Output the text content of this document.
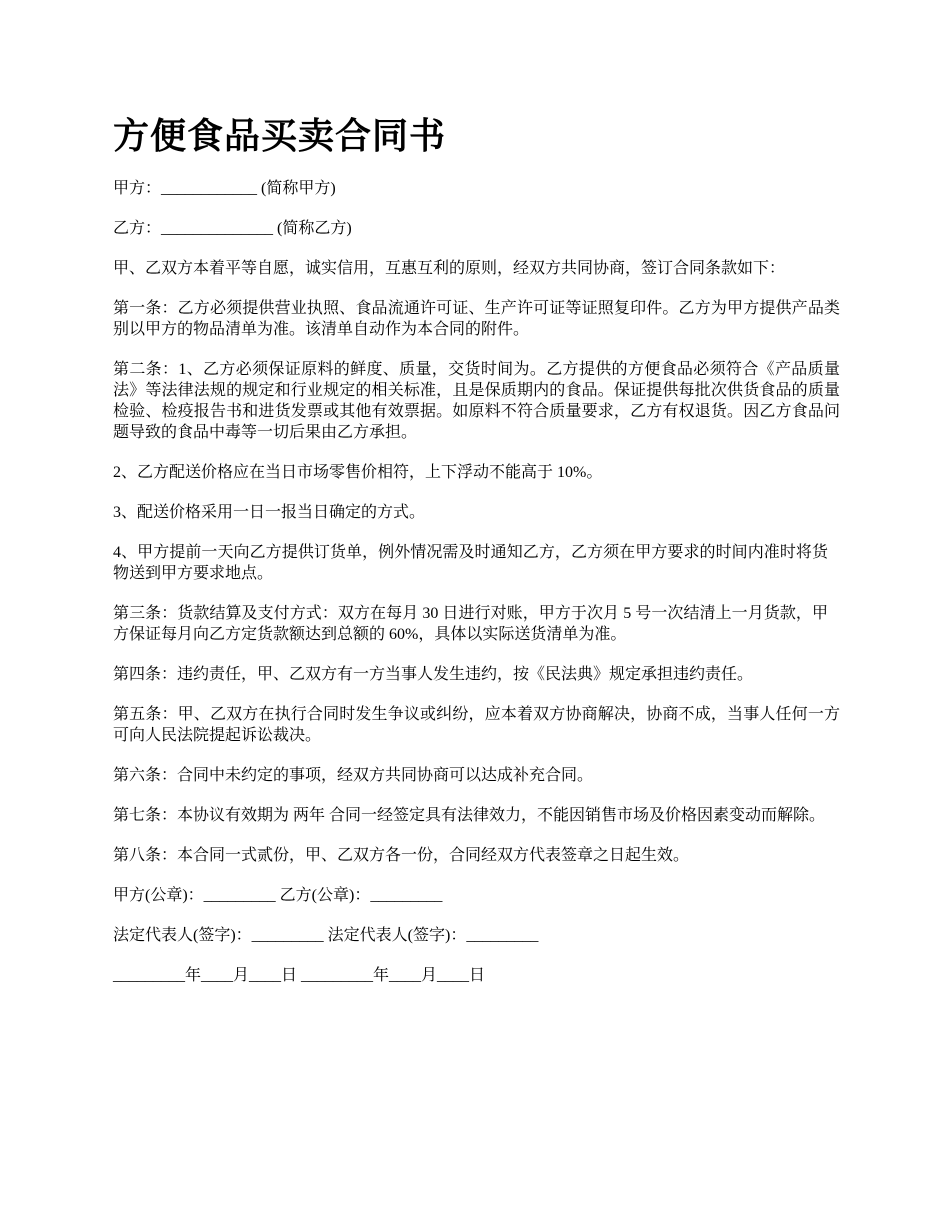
方便食品买卖合同书

甲方：____________ (简称甲方)

乙方：______________ (简称乙方)

甲、乙双方本着平等自愿，诚实信用，互惠互利的原则，经双方共同协商，签订合同条款如下：

第一条：乙方必须提供营业执照、食品流通许可证、生产许可证等证照复印件。乙方为甲方提供产品类别以甲方的物品清单为准。该清单自动作为本合同的附件。

第二条：1、乙方必须保证原料的鲜度、质量，交货时间为。乙方提供的方便食品必须符合《产品质量法》等法律法规的规定和行业规定的相关标准，且是保质期内的食品。保证提供每批次供货食品的质量检验、检疫报告书和进货发票或其他有效票据。如原料不符合质量要求，乙方有权退货。因乙方食品问题导致的食品中毒等一切后果由乙方承担。

2、乙方配送价格应在当日市场零售价相符，上下浮动不能高于 10%。

3、配送价格采用一日一报当日确定的方式。

4、甲方提前一天向乙方提供订货单，例外情况需及时通知乙方，乙方须在甲方要求的时间内准时将货物送到甲方要求地点。

第三条：货款结算及支付方式：双方在每月 30 日进行对账，甲方于次月 5 号一次结清上一月货款，甲方保证每月向乙方定货款额达到总额的 60%，具体以实际送货清单为准。

第四条：违约责任，甲、乙双方有一方当事人发生违约，按《民法典》规定承担违约责任。

第五条：甲、乙双方在执行合同时发生争议或纠纷，应本着双方协商解决，协商不成，当事人任何一方可向人民法院提起诉讼裁决。

第六条：合同中未约定的事项，经双方共同协商可以达成补充合同。

第七条：本协议有效期为 两年 合同一经签定具有法律效力，不能因销售市场及价格因素变动而解除。

第八条：本合同一式贰份，甲、乙双方各一份，合同经双方代表签章之日起生效。

甲方(公章)：_________ 乙方(公章)：_________

法定代表人(签字)：_________ 法定代表人(签字)：_________

_________年____月____日 _________年____月____日
